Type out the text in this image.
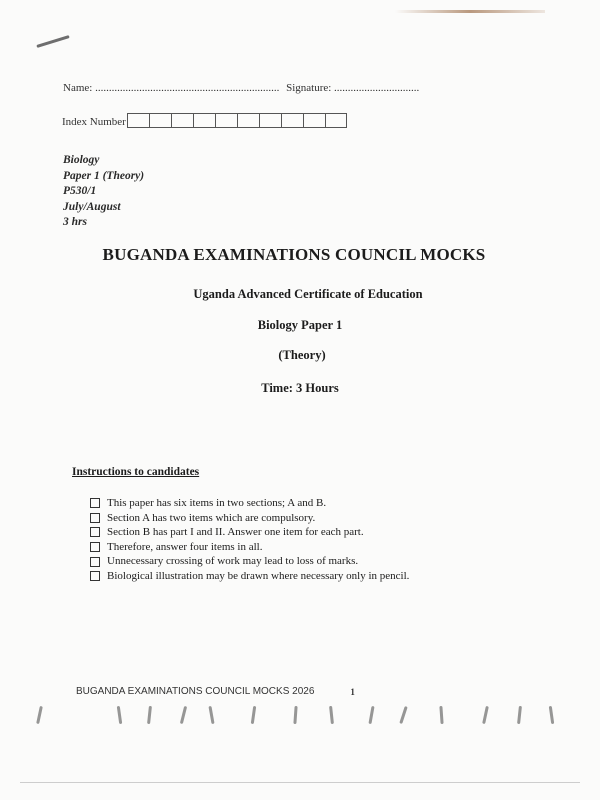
Name: ................................................................... Signature: ...............................
Index Number
Biology
Paper 1 (Theory)
P530/1
July/August
3 hrs
BUGANDA EXAMINATIONS COUNCIL MOCKS
Uganda Advanced Certificate of Education
Biology Paper 1
(Theory)
Time: 3 Hours
Instructions to candidates
This paper has six items in two sections; A and B.
Section A has two items which are compulsory.
Section B has part I and II. Answer one item for each part.
Therefore, answer four items in all.
Unnecessary crossing of work may lead to loss of marks.
Biological illustration may be drawn where necessary only in pencil.
BUGANDA EXAMINATIONS COUNCIL MOCKS 2026	1
